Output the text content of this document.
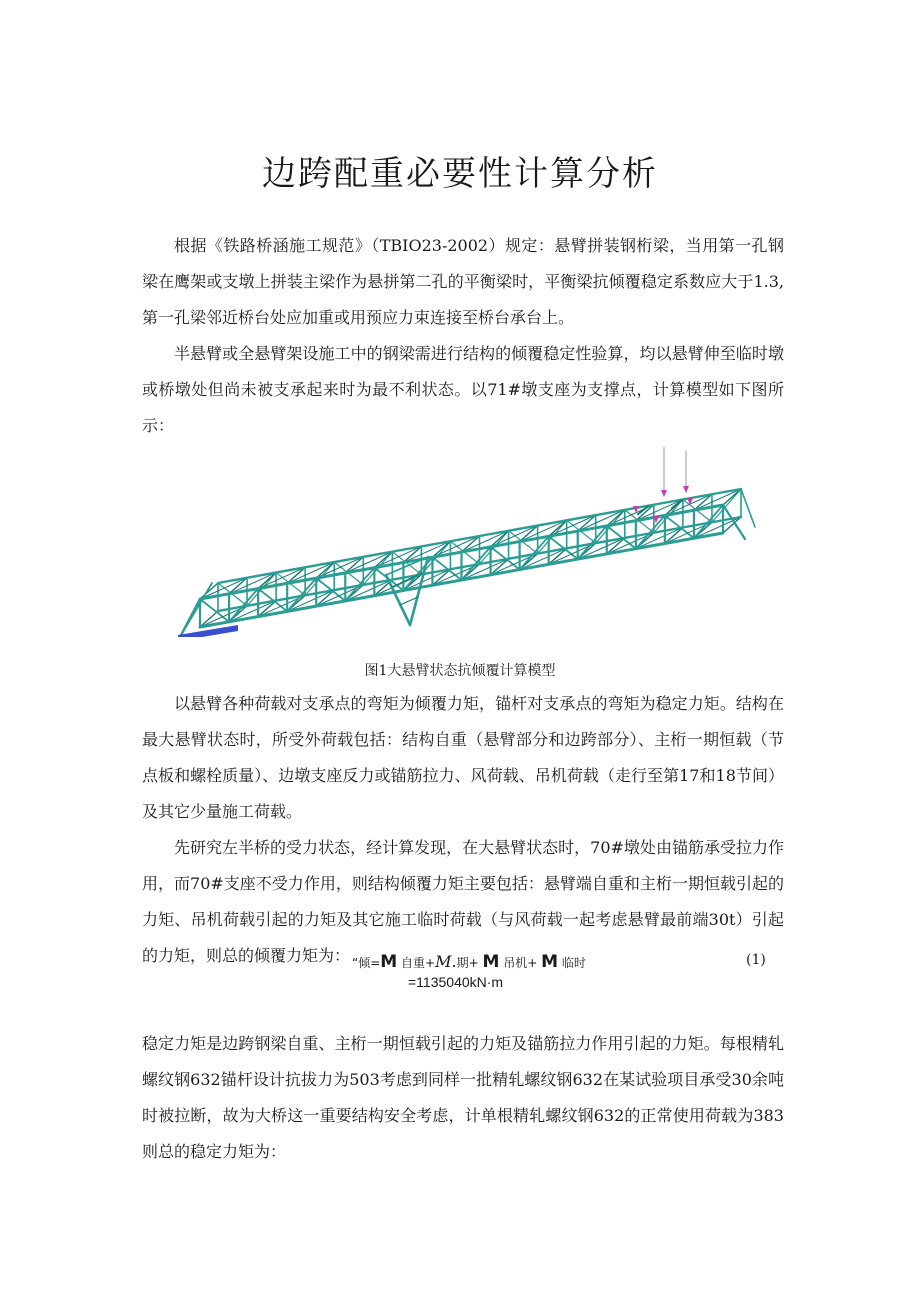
边跨配重必要性计算分析

根据《铁路桥涵施工规范》（TBIO23-2002）规定：悬臂拼装钢桁梁，当用第一孔钢梁在鹰架或支墩上拼装主梁作为悬拼第二孔的平衡梁时，平衡梁抗倾覆稳定系数应大于1.3,第一孔梁邻近桥台处应加重或用预应力束连接至桥台承台上。

半悬臂或全悬臂架设施工中的钢梁需进行结构的倾覆稳定性验算，均以悬臂伸至临时墩或桥墩处但尚未被支承起来时为最不利状态。以71#墩支座为支撑点，计算模型如下图所示：

图1大悬臂状态抗倾覆计算模型

以悬臂各种荷载对支承点的弯矩为倾覆力矩，锚杆对支承点的弯矩为稳定力矩。结构在最大悬臂状态时，所受外荷载包括：结构自重（悬臂部分和边跨部分）、主桁一期恒载（节点板和螺栓质量）、边墩支座反力或锚筋拉力、风荷载、吊机荷载（走行至第17和18节间）及其它少量施工荷载。

先研究左半桥的受力状态，经计算发现，在大悬臂状态时，70#墩处由锚筋承受拉力作用，而70#支座不受力作用，则结构倾覆力矩主要包括：悬臂端自重和主桁一期恒载引起的力矩、吊机荷载引起的力矩及其它施工临时荷载（与风荷载一起考虑悬臂最前端30t）引起的力矩，则总的倾覆力矩为： “倾=M 自重+M.期+ M 吊机+ M 临时	(1)
=1135040kN·m

稳定力矩是边跨钢梁自重、主桁一期恒载引起的力矩及锚筋拉力作用引起的力矩。每根精轧螺纹钢632锚杆设计抗拔力为503考虑到同样一批精轧螺纹钢632在某试验项目承受30余吨时被拉断，故为大桥这一重要结构安全考虑，计单根精轧螺纹钢632的正常使用荷载为383则总的稳定力矩为：
